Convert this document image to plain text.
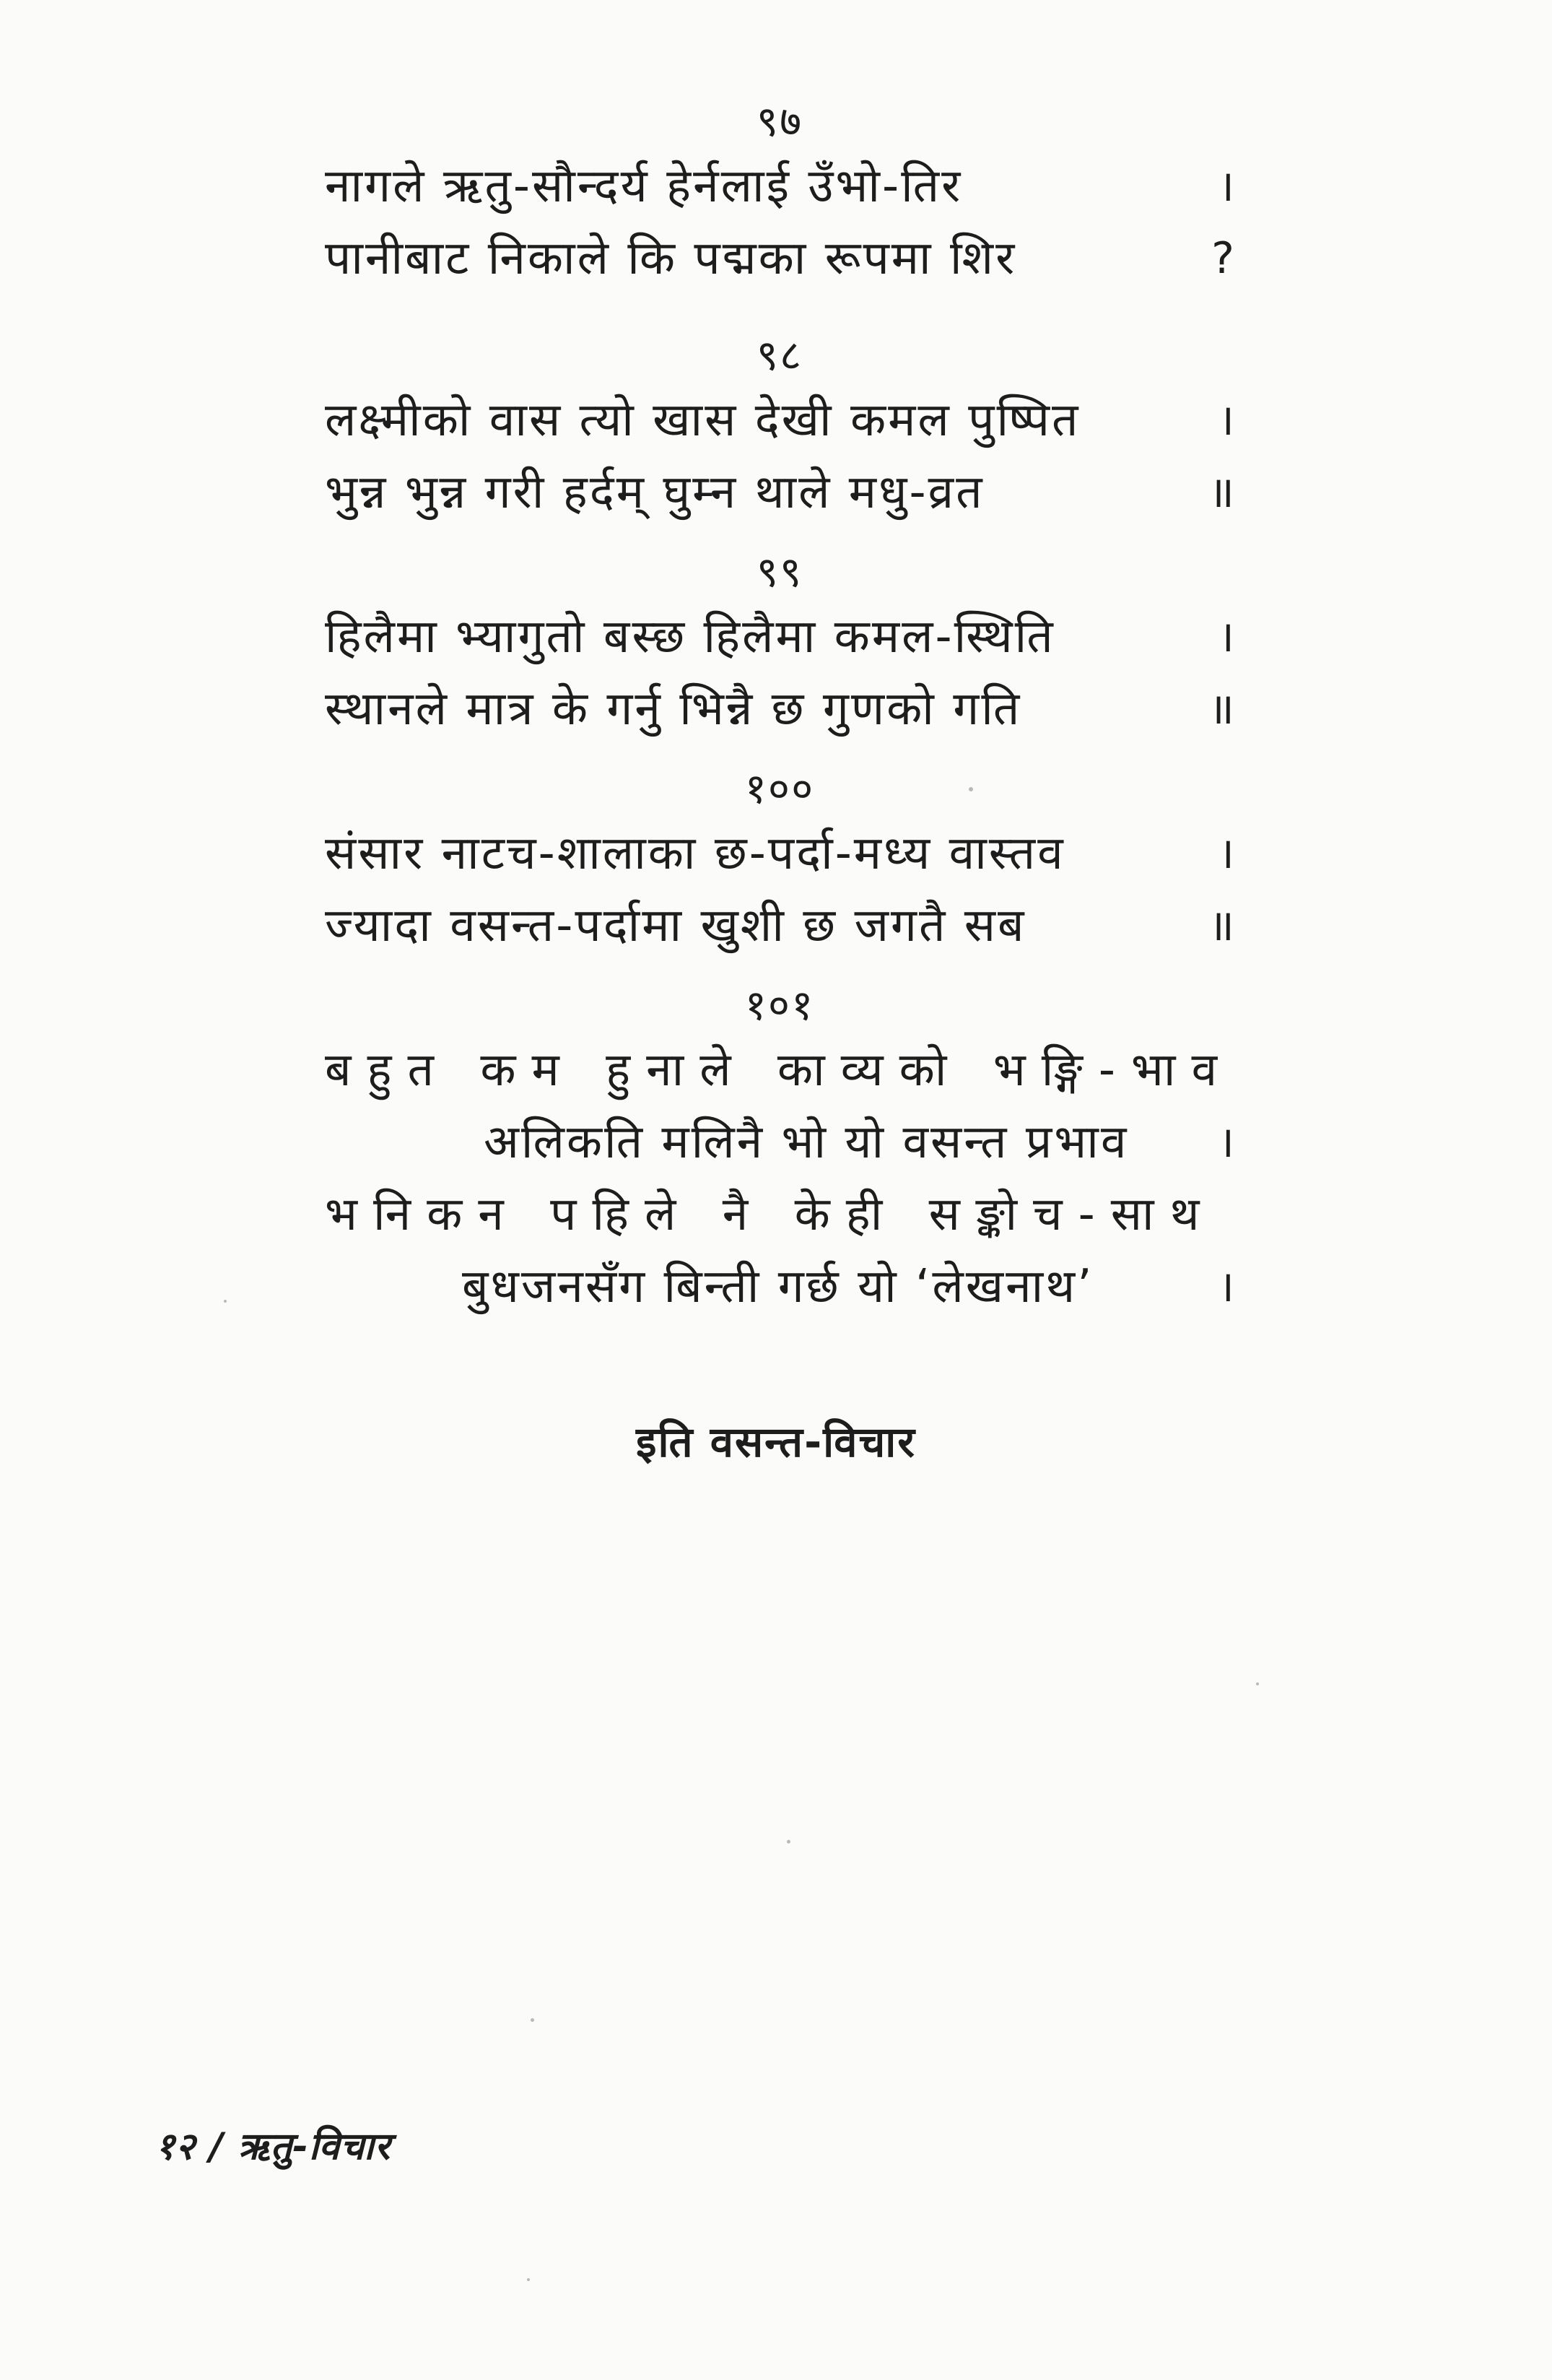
९७
नागले ऋतु-सौन्दर्य हेर्नलाई उँभो-तिर	।
पानीबाट निकाले कि पद्मका रूपमा शिर	?
९८
लक्ष्मीको वास त्यो खास देखी कमल पुष्पित	।
भुन्न भुन्न गरी हर्दम् घुम्न थाले मधु-व्रत	॥
९९
हिलैमा भ्यागुतो बस्छ हिलैमा कमल-स्थिति	।
स्थानले मात्र के गर्नु भिन्नै छ गुणको गति	॥
१००
संसार नाटच-शालाका छ-पर्दा-मध्य वास्तव	।
ज्यादा वसन्त-पर्दामा खुशी छ जगतै सब	॥
१०१
बहुत कम हुनाले काव्यको भङ्गि-भाव
अलिकति मलिनै भो यो वसन्त प्रभाव ।
भनिकन पहिले नै केही सङ्कोच-साथ
बुधजनसँग बिन्ती गर्छ यो ‘लेखनाथ’	।
इति वसन्त-विचार
१२ / ऋतु-विचार
